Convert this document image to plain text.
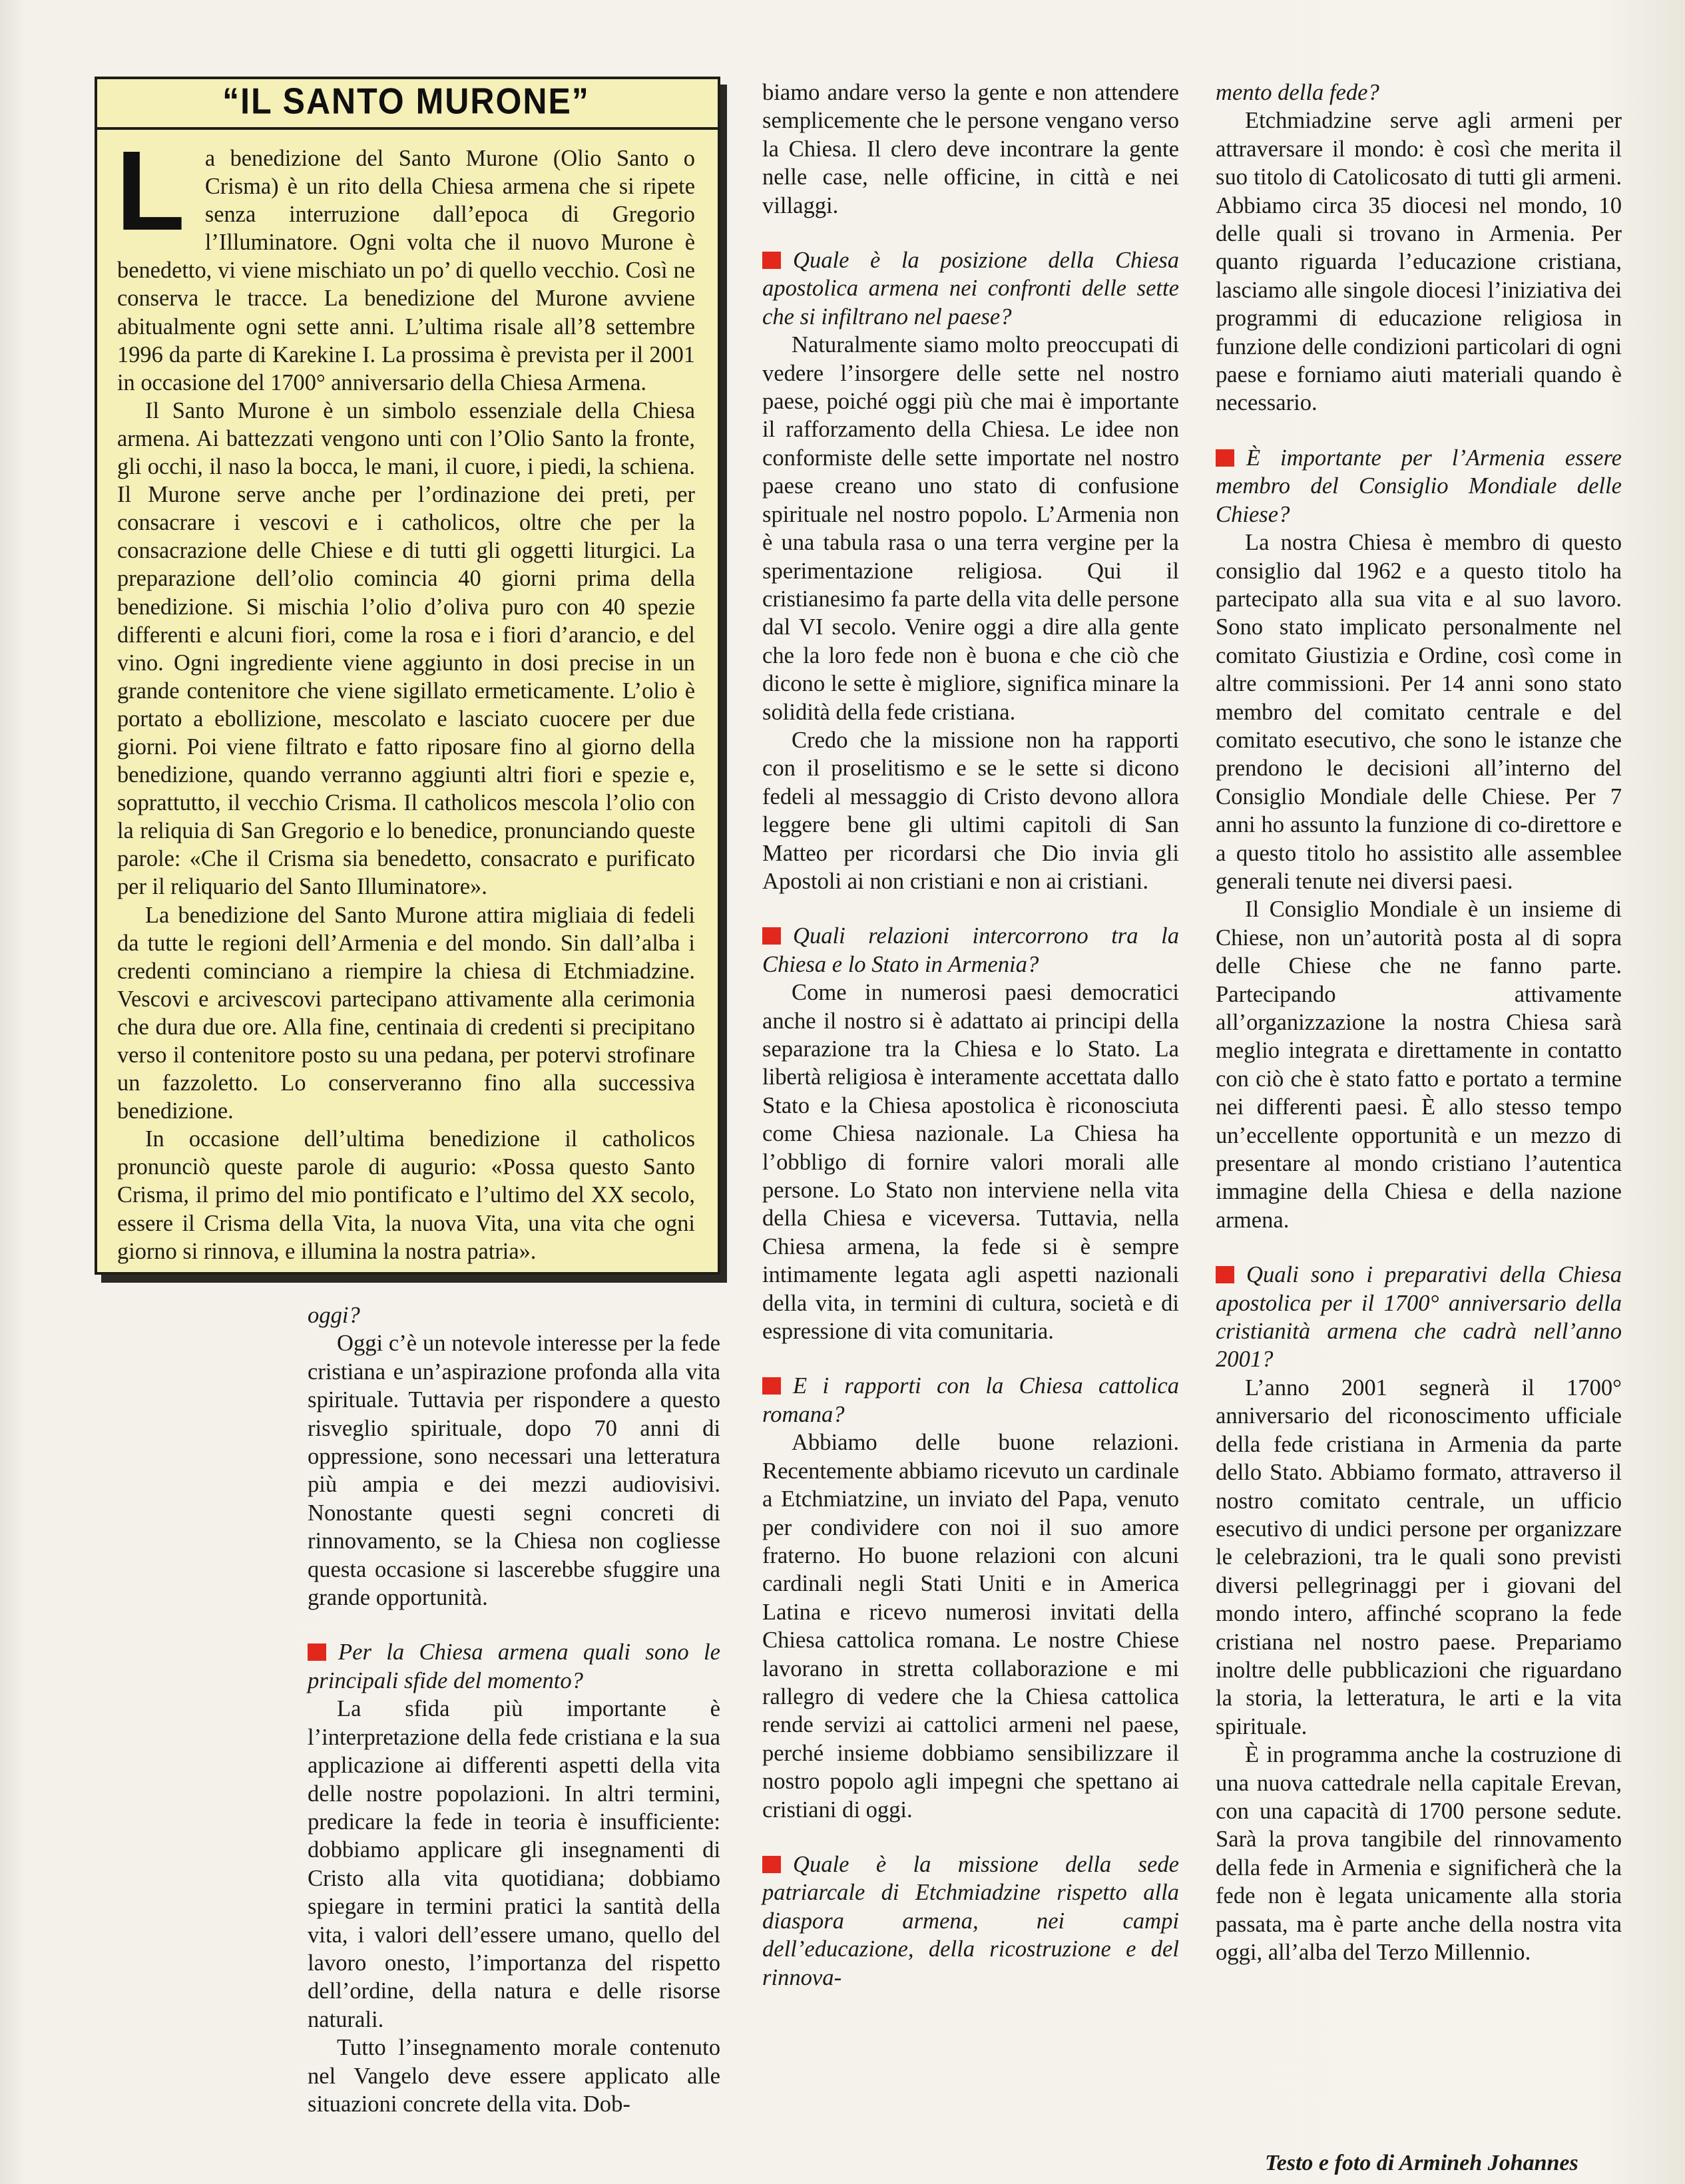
“IL SANTO MURONE”

La benedizione del Santo Murone (Olio Santo o Crisma) è un rito della Chiesa armena che si ripete senza interruzione dall’epoca di Gregorio l’Illuminatore. Ogni volta che il nuovo Murone è benedetto, vi viene mischiato un po’ di quello vecchio. Così ne conserva le tracce. La benedizione del Murone avviene abitualmente ogni sette anni. L’ultima risale all’8 settembre 1996 da parte di Karekine I. La prossima è prevista per il 2001 in occasione del 1700° anniversario della Chiesa Armena.

Il Santo Murone è un simbolo essenziale della Chiesa armena. Ai battezzati vengono unti con l’Olio Santo la fronte, gli occhi, il naso la bocca, le mani, il cuore, i piedi, la schiena. Il Murone serve anche per l’ordinazione dei preti, per consacrare i vescovi e i catholicos, oltre che per la consacrazione delle Chiese e di tutti gli oggetti liturgici. La preparazione dell’olio comincia 40 giorni prima della benedizione. Si mischia l’olio d’oliva puro con 40 spezie differenti e alcuni fiori, come la rosa e i fiori d’arancio, e del vino. Ogni ingrediente viene aggiunto in dosi precise in un grande contenitore che viene sigillato ermeticamente. L’olio è portato a ebollizione, mescolato e lasciato cuocere per due giorni. Poi viene filtrato e fatto riposare fino al giorno della benedizione, quando verranno aggiunti altri fiori e spezie e, soprattutto, il vecchio Crisma. Il catholicos mescola l’olio con la reliquia di San Gregorio e lo benedice, pronunciando queste parole: «Che il Crisma sia benedetto, consacrato e purificato per il reliquario del Santo Illuminatore».

La benedizione del Santo Murone attira migliaia di fedeli da tutte le regioni dell’Armenia e del mondo. Sin dall’alba i credenti cominciano a riempire la chiesa di Etchmiadzine. Vescovi e arcivescovi partecipano attivamente alla cerimonia che dura due ore. Alla fine, centinaia di credenti si precipitano verso il contenitore posto su una pedana, per potervi strofinare un fazzoletto. Lo conserveranno fino alla successiva benedizione.

In occasione dell’ultima benedizione il catholicos pronunciò queste parole di augurio: «Possa questo Santo Crisma, il primo del mio pontificato e l’ultimo del XX secolo, essere il Crisma della Vita, la nuova Vita, una vita che ogni giorno si rinnova, e illumina la nostra patria».

oggi?

Oggi c’è un notevole interesse per la fede cristiana e un’aspirazione profonda alla vita spirituale. Tuttavia per rispondere a questo risveglio spirituale, dopo 70 anni di oppressione, sono necessari una letteratura più ampia e dei mezzi audiovisivi. Nonostante questi segni concreti di rinnovamento, se la Chiesa non cogliesse questa occasione si lascerebbe sfuggire una grande opportunità.

Per la Chiesa armena quali sono le principali sfide del momento?

La sfida più importante è l’interpretazione della fede cristiana e la sua applicazione ai differenti aspetti della vita delle nostre popolazioni. In altri termini, predicare la fede in teoria è insufficiente: dobbiamo applicare gli insegnamenti di Cristo alla vita quotidiana; dobbiamo spiegare in termini pratici la santità della vita, i valori dell’essere umano, quello del lavoro onesto, l’importanza del rispetto dell’ordine, della natura e delle risorse naturali.

Tutto l’insegnamento morale contenuto nel Vangelo deve essere applicato alle situazioni concrete della vita. Dob-

biamo andare verso la gente e non attendere semplicemente che le persone vengano verso la Chiesa. Il clero deve incontrare la gente nelle case, nelle officine, in città e nei villaggi.

Quale è la posizione della Chiesa apostolica armena nei confronti delle sette che si infiltrano nel paese?

Naturalmente siamo molto preoccupati di vedere l’insorgere delle sette nel nostro paese, poiché oggi più che mai è importante il rafforzamento della Chiesa. Le idee non conformiste delle sette importate nel nostro paese creano uno stato di confusione spirituale nel nostro popolo. L’Armenia non è una tabula rasa o una terra vergine per la sperimentazione religiosa. Qui il cristianesimo fa parte della vita delle persone dal VI secolo. Venire oggi a dire alla gente che la loro fede non è buona e che ciò che dicono le sette è migliore, significa minare la solidità della fede cristiana.

Credo che la missione non ha rapporti con il proselitismo e se le sette si dicono fedeli al messaggio di Cristo devono allora leggere bene gli ultimi capitoli di San Matteo per ricordarsi che Dio invia gli Apostoli ai non cristiani e non ai cristiani.

Quali relazioni intercorrono tra la Chiesa e lo Stato in Armenia?

Come in numerosi paesi democratici anche il nostro si è adattato ai principi della separazione tra la Chiesa e lo Stato. La libertà religiosa è interamente accettata dallo Stato e la Chiesa apostolica è riconosciuta come Chiesa nazionale. La Chiesa ha l’obbligo di fornire valori morali alle persone. Lo Stato non interviene nella vita della Chiesa e viceversa. Tuttavia, nella Chiesa armena, la fede si è sempre intimamente legata agli aspetti nazionali della vita, in termini di cultura, società e di espressione di vita comunitaria.

E i rapporti con la Chiesa cattolica romana?

Abbiamo delle buone relazioni. Recentemente abbiamo ricevuto un cardinale a Etchmiatzine, un inviato del Papa, venuto per condividere con noi il suo amore fraterno. Ho buone relazioni con alcuni cardinali negli Stati Uniti e in America Latina e ricevo numerosi invitati della Chiesa cattolica romana. Le nostre Chiese lavorano in stretta collaborazione e mi rallegro di vedere che la Chiesa cattolica rende servizi ai cattolici armeni nel paese, perché insieme dobbiamo sensibilizzare il nostro popolo agli impegni che spettano ai cristiani di oggi.

Quale è la missione della sede patriarcale di Etchmiadzine rispetto alla diaspora armena, nei campi dell’educazione, della ricostruzione e del rinnova-

mento della fede?

Etchmiadzine serve agli armeni per attraversare il mondo: è così che merita il suo titolo di Catolicosato di tutti gli armeni. Abbiamo circa 35 diocesi nel mondo, 10 delle quali si trovano in Armenia. Per quanto riguarda l’educazione cristiana, lasciamo alle singole diocesi l’iniziativa dei programmi di educazione religiosa in funzione delle condizioni particolari di ogni paese e forniamo aiuti materiali quando è necessario.

È importante per l’Armenia essere membro del Consiglio Mondiale delle Chiese?

La nostra Chiesa è membro di questo consiglio dal 1962 e a questo titolo ha partecipato alla sua vita e al suo lavoro. Sono stato implicato personalmente nel comitato Giustizia e Ordine, così come in altre commissioni. Per 14 anni sono stato membro del comitato centrale e del comitato esecutivo, che sono le istanze che prendono le decisioni all’interno del Consiglio Mondiale delle Chiese. Per 7 anni ho assunto la funzione di co-direttore e a questo titolo ho assistito alle assemblee generali tenute nei diversi paesi.

Il Consiglio Mondiale è un insieme di Chiese, non un’autorità posta al di sopra delle Chiese che ne fanno parte. Partecipando attivamente all’organizzazione la nostra Chiesa sarà meglio integrata e direttamente in contatto con ciò che è stato fatto e portato a termine nei differenti paesi. È allo stesso tempo un’eccellente opportunità e un mezzo di presentare al mondo cristiano l’autentica immagine della Chiesa e della nazione armena.

Quali sono i preparativi della Chiesa apostolica per il 1700° anniversario della cristianità armena che cadrà nell’anno 2001?

L’anno 2001 segnerà il 1700° anniversario del riconoscimento ufficiale della fede cristiana in Armenia da parte dello Stato. Abbiamo formato, attraverso il nostro comitato centrale, un ufficio esecutivo di undici persone per organizzare le celebrazioni, tra le quali sono previsti diversi pellegrinaggi per i giovani del mondo intero, affinché scoprano la fede cristiana nel nostro paese. Prepariamo inoltre delle pubblicazioni che riguardano la storia, la letteratura, le arti e la vita spirituale.

È in programma anche la costruzione di una nuova cattedrale nella capitale Erevan, con una capacità di 1700 persone sedute. Sarà la prova tangibile del rinnovamento della fede in Armenia e significherà che la fede non è legata unicamente alla storia passata, ma è parte anche della nostra vita oggi, all’alba del Terzo Millennio.

Testo e foto di Armineh Johannes
